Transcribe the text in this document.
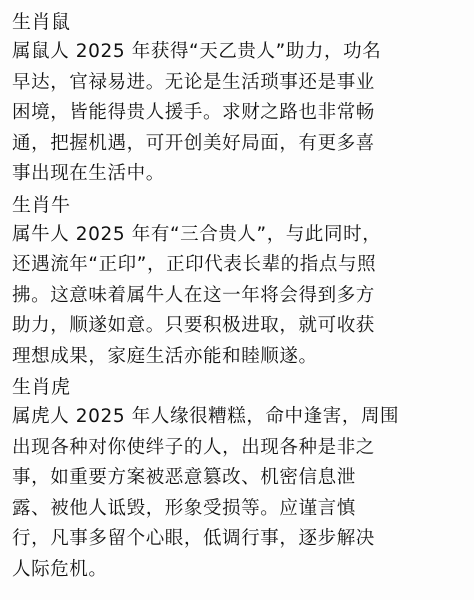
生肖鼠
属鼠人 2025 年获得“天乙贵人”助力，功名
早达，官禄易进。无论是生活琐事还是事业
困境，皆能得贵人援手。求财之路也非常畅
通，把握机遇，可开创美好局面，有更多喜
事出现在生活中。
生肖牛
属牛人 2025 年有“三合贵人”，与此同时，
还遇流年“正印”，正印代表长辈的指点与照
拂。这意味着属牛人在这一年将会得到多方
助力，顺遂如意。只要积极进取，就可收获
理想成果，家庭生活亦能和睦顺遂。
生肖虎
属虎人 2025 年人缘很糟糕，命中逢害，周围
出现各种对你使绊子的人，出现各种是非之
事，如重要方案被恶意篡改、机密信息泄
露、被他人诋毁，形象受损等。应谨言慎
行，凡事多留个心眼，低调行事，逐步解决
人际危机。
